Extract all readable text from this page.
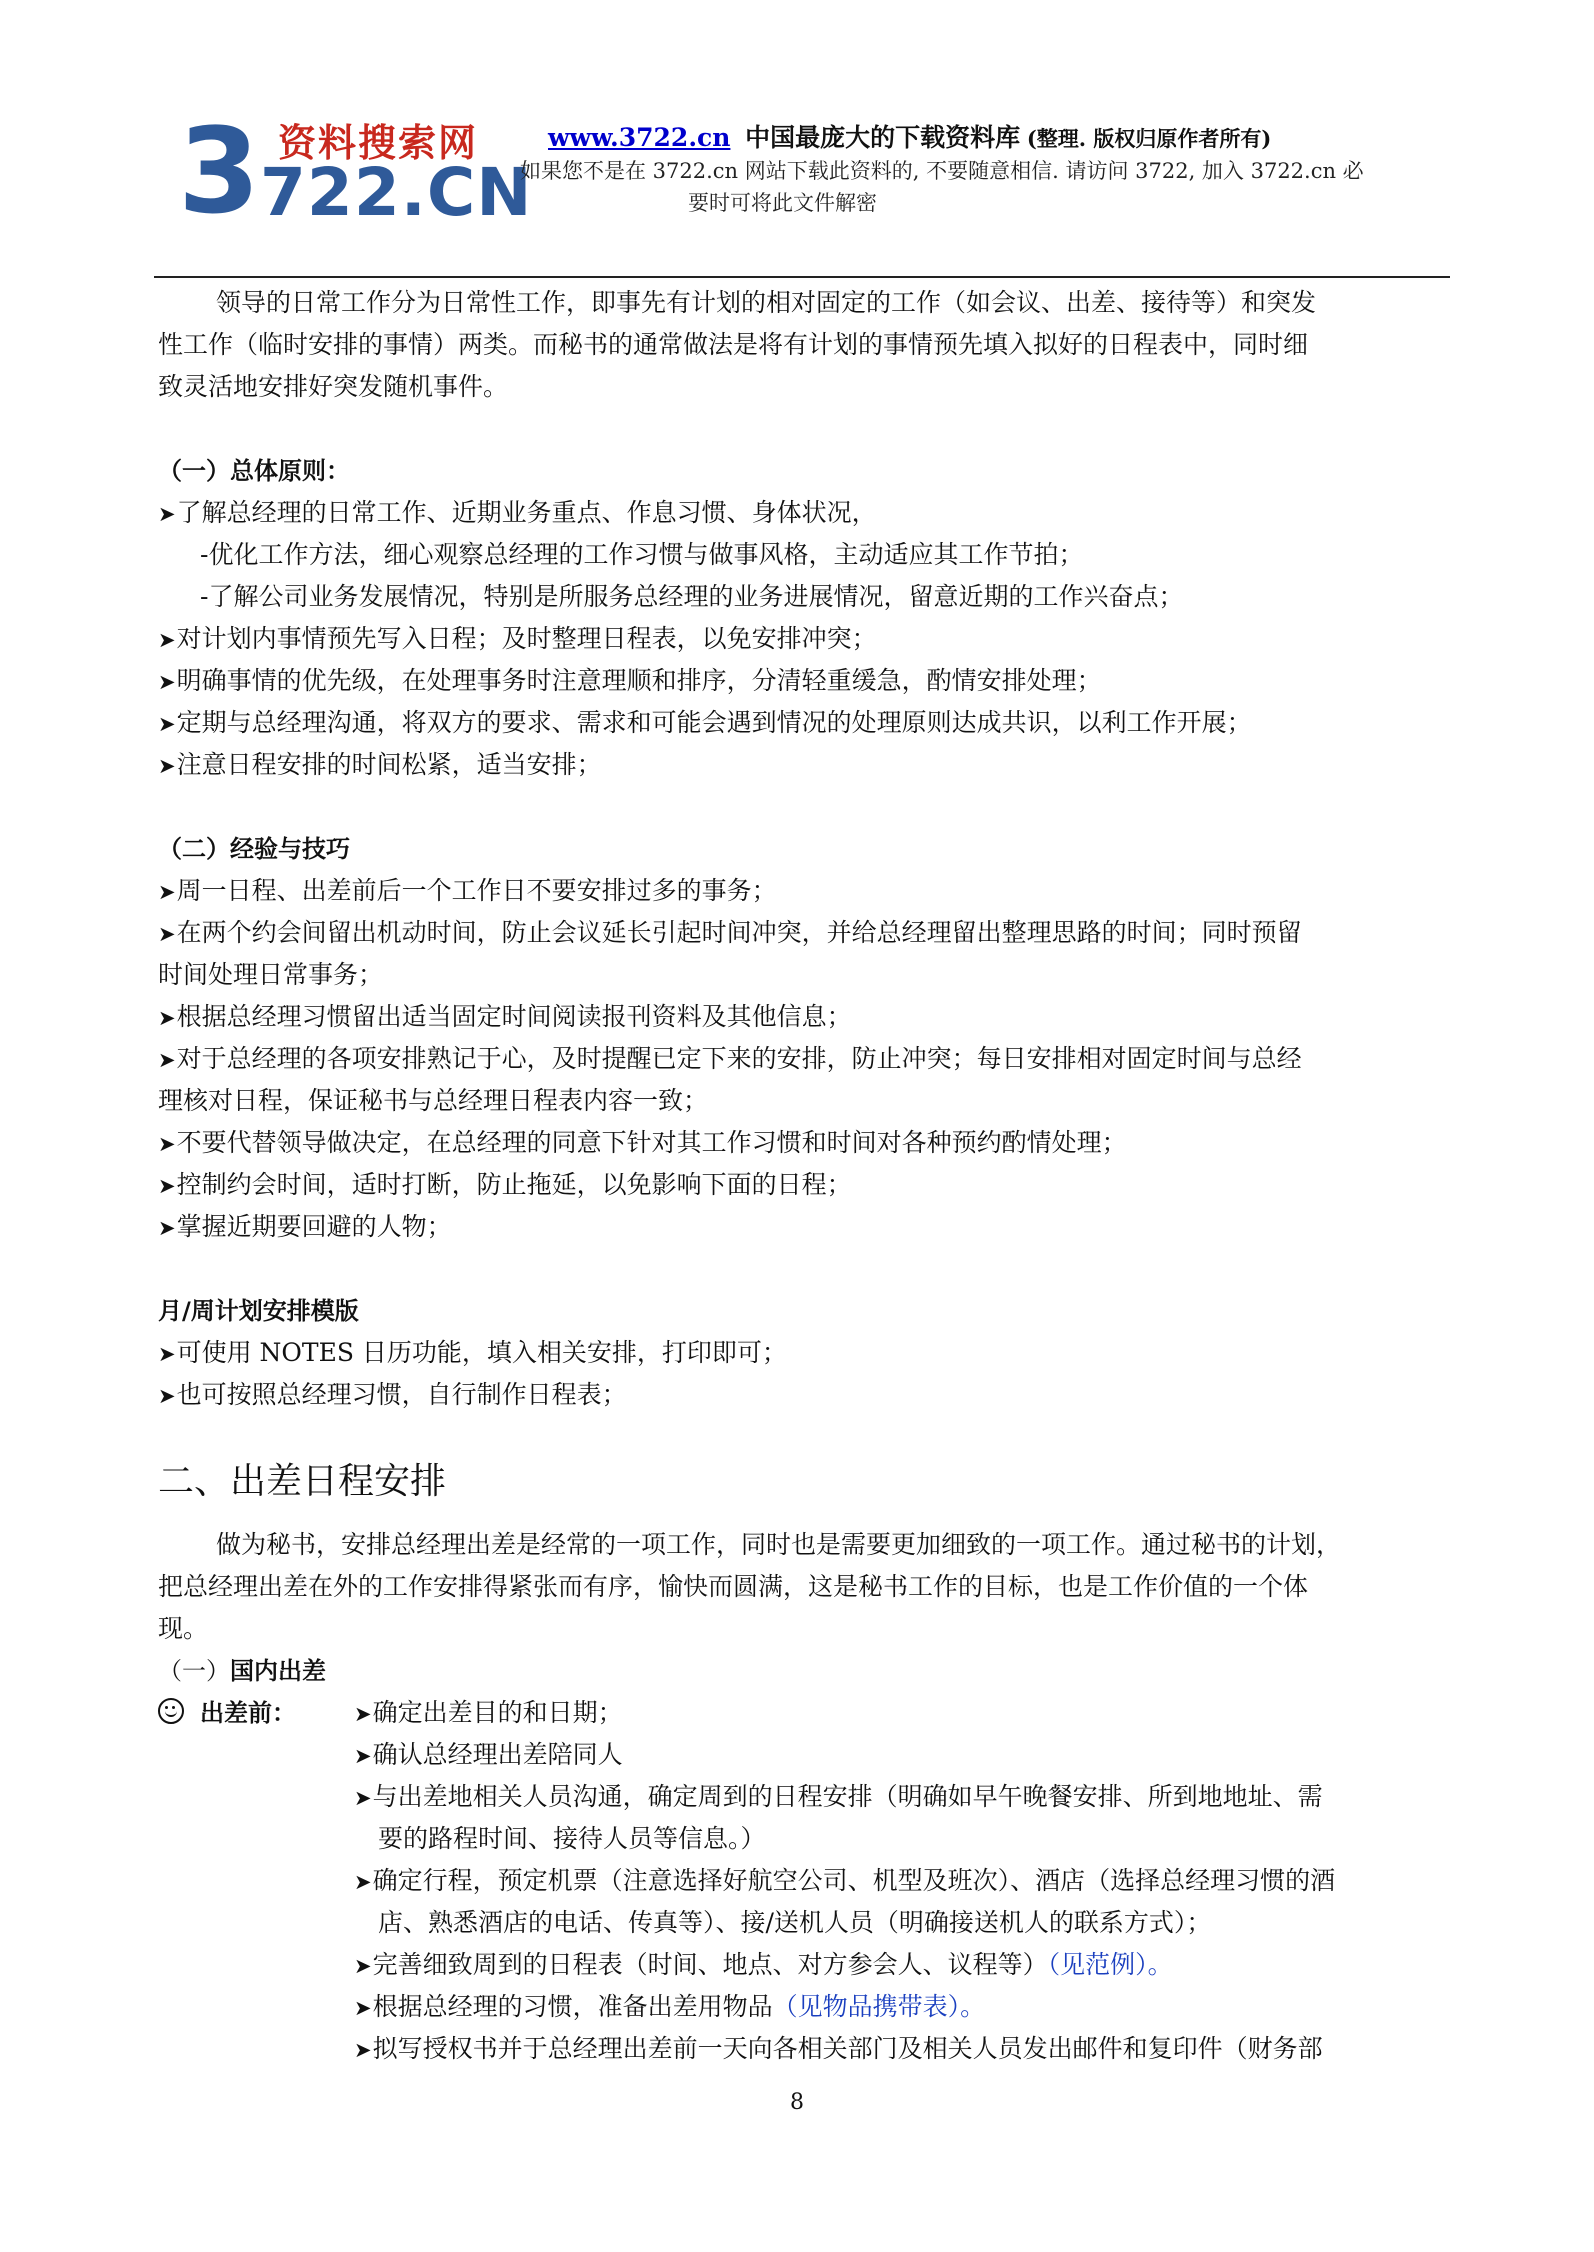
3 资料搜索网
722.CN
www.3722.cn 中国最庞大的下载资料库 (整理. 版权归原作者所有)
如果您不是在 3722.cn 网站下载此资料的, 不要随意相信. 请访问 3722, 加入 3722.cn 必
要时可将此文件解密
领导的日常工作分为日常性工作，即事先有计划的相对固定的工作（如会议、出差、接待等）和突发
性工作（临时安排的事情）两类。而秘书的通常做法是将有计划的事情预先填入拟好的日程表中，同时细
致灵活地安排好突发随机事件。
（一）总体原则：
➤ 了解总经理的日常工作、近期业务重点、作息习惯、身体状况，
-优化工作方法，细心观察总经理的工作习惯与做事风格，主动适应其工作节拍；
-了解公司业务发展情况，特别是所服务总经理的业务进展情况，留意近期的工作兴奋点；
➤ 对计划内事情预先写入日程；及时整理日程表，以免安排冲突；
➤ 明确事情的优先级，在处理事务时注意理顺和排序，分清轻重缓急，酌情安排处理；
➤ 定期与总经理沟通，将双方的要求、需求和可能会遇到情况的处理原则达成共识，以利工作开展；
➤ 注意日程安排的时间松紧，适当安排；
（二）经验与技巧
➤ 周一日程、出差前后一个工作日不要安排过多的事务；
➤ 在两个约会间留出机动时间，防止会议延长引起时间冲突，并给总经理留出整理思路的时间；同时预留
时间处理日常事务；
➤ 根据总经理习惯留出适当固定时间阅读报刊资料及其他信息；
➤ 对于总经理的各项安排熟记于心，及时提醒已定下来的安排，防止冲突；每日安排相对固定时间与总经
理核对日程，保证秘书与总经理日程表内容一致；
➤ 不要代替领导做决定，在总经理的同意下针对其工作习惯和时间对各种预约酌情处理；
➤ 控制约会时间，适时打断，防止拖延，以免影响下面的日程；
➤ 掌握近期要回避的人物；
月/周计划安排模版
➤ 可使用 NOTES 日历功能，填入相关安排，打印即可；
➤ 也可按照总经理习惯，自行制作日程表；
二、出差日程安排
做为秘书，安排总经理出差是经常的一项工作，同时也是需要更加细致的一项工作。通过秘书的计划，
把总经理出差在外的工作安排得紧张而有序，愉快而圆满，这是秘书工作的目标，也是工作价值的一个体
现。
（一）国内出差
出差前：
➤	确定出差目的和日期；
➤ 确认总经理出差陪同人
➤ 与出差地相关人员沟通，确定周到的日程安排（明确如早午晚餐安排、所到地地址、需
要的路程时间、接待人员等信息。）
➤ 确定行程，预定机票（注意选择好航空公司、机型及班次）、酒店（选择总经理习惯的酒
店、熟悉酒店的电话、传真等）、接/送机人员（明确接送机人的联系方式）；
➤ 完善细致周到的日程表（时间、地点、对方参会人、议程等）（见范例）。
➤ 根据总经理的习惯，准备出差用物品（见物品携带表）。
➤ 拟写授权书并于总经理出差前一天向各相关部门及相关人员发出邮件和复印件（财务部
8
